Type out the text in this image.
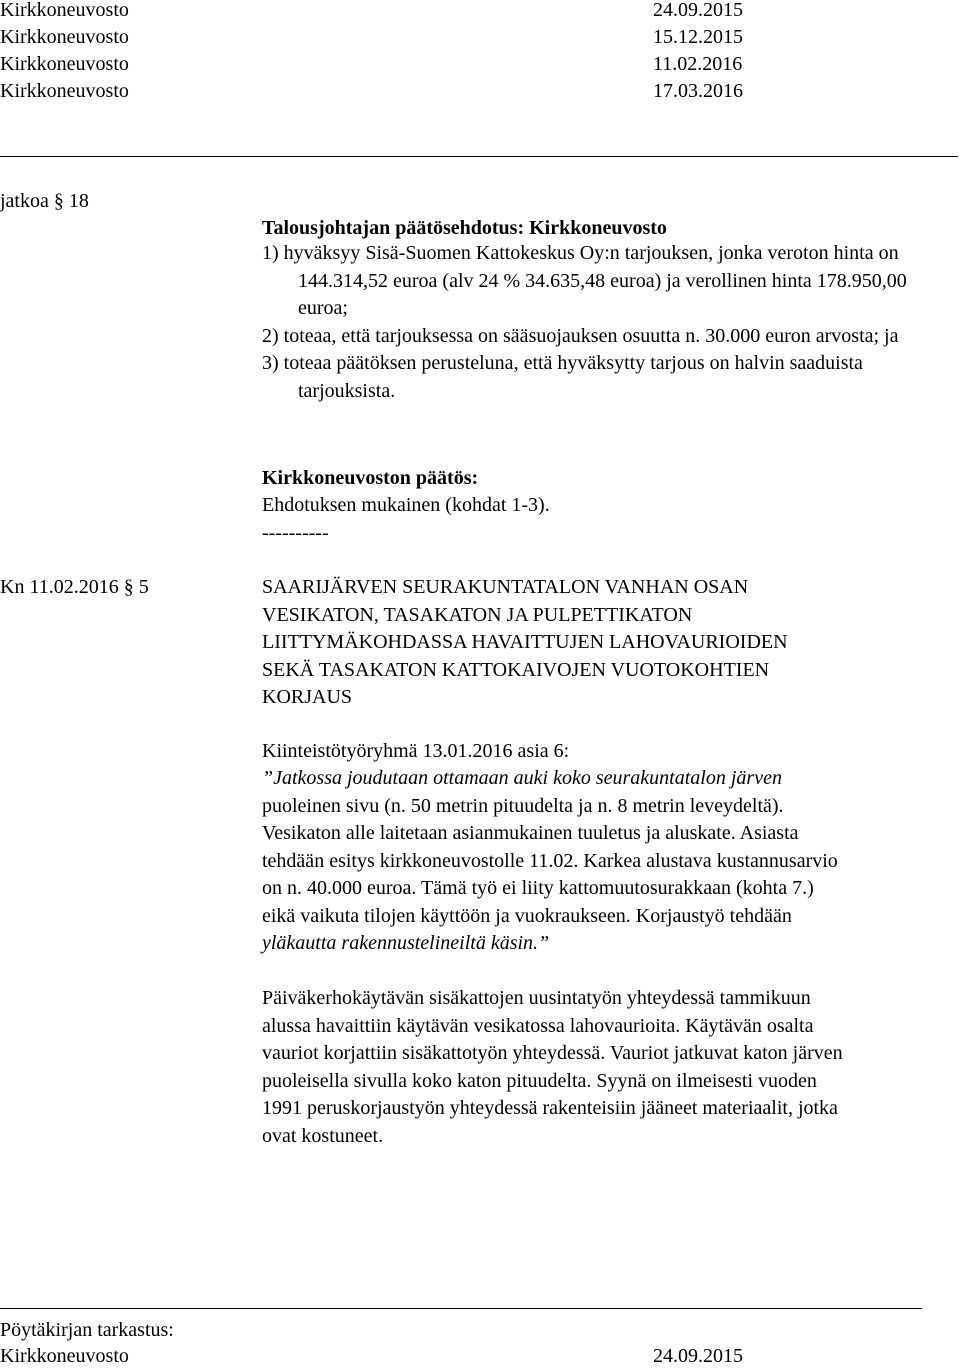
Kirkkoneuvosto	24.09.2015
Kirkkoneuvosto	15.12.2015
Kirkkoneuvosto	11.02.2016
Kirkkoneuvosto	17.03.2016
jatkoa § 18
Talousjohtajan päätösehdotus: Kirkkoneuvosto
1) hyväksyy Sisä-Suomen Kattokeskus Oy:n tarjouksen, jonka veroton hinta on 144.314,52 euroa (alv 24 % 34.635,48 euroa) ja verollinen hinta 178.950,00 euroa;
2) toteaa, että tarjouksessa on sääsuojauksen osuutta n. 30.000 euron arvosta; ja
3) toteaa päätöksen perusteluna, että hyväksytty tarjous on halvin saaduista tarjouksista.
Kirkkoneuvoston päätös:
Ehdotuksen mukainen (kohdat 1-3).
----------
Kn 11.02.2016 § 5	SAARIJÄRVEN SEURAKUNTATALON VANHAN OSAN
VESIKATON, TASAKATON JA PULPETTIKATON
LIITTYMÄKOHDASSA HAVAITTUJEN LAHOVAURIOIDEN
SEKÄ TASAKATON KATTOKAIVOJEN VUOTOKOHTIEN
KORJAUS
Kiinteistötyöryhmä 13.01.2016 asia 6:
”Jatkossa joudutaan ottamaan auki koko seurakuntatalon järven
puoleinen sivu (n. 50 metrin pituudelta ja n. 8 metrin leveydeltä).
Vesikaton alle laitetaan asianmukainen tuuletus ja aluskate. Asiasta
tehdään esitys kirkkoneuvostolle 11.02. Karkea alustava kustannusarvio
on n. 40.000 euroa. Tämä työ ei liity kattomuutosurakkaan (kohta 7.)
eikä vaikuta tilojen käyttöön ja vuokraukseen. Korjaustyö tehdään
yläkautta rakennustelineiltä käsin.”
Päiväkerhokäytävän sisäkattojen uusintatyön yhteydessä tammikuun
alussa havaittiin käytävän vesikatossa lahovaurioita. Käytävän osalta
vauriot korjattiin sisäkattotyön yhteydessä. Vauriot jatkuvat katon järven
puoleisella sivulla koko katon pituudelta. Syynä on ilmeisesti vuoden
1991 peruskorjaustyön yhteydessä rakenteisiin jääneet materiaalit, jotka
ovat kostuneet.
Pöytäkirjan tarkastus:
Kirkkoneuvosto	24.09.2015
